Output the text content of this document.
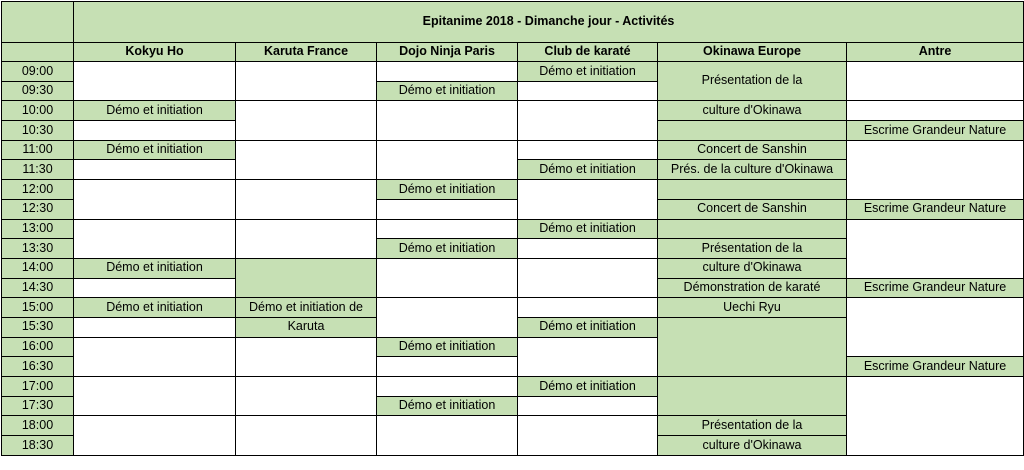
	Epitanime 2018 - Dimanche jour - Activités					
	Kokyu Ho	Karuta France	Dojo Ninja Paris	Club de karaté	Okinawa Europe	Antre
09:00				Démo et initiation	Présentation de la	
09:30			Démo et initiation			
10:00	Démo et initiation				culture d'Okinawa	
10:30						Escrime Grandeur Nature
11:00	Démo et initiation				Concert de Sanshin	
11:30				Démo et initiation	Prés. de la culture d'Okinawa	
12:00			Démo et initiation			
12:30					Concert de Sanshin	Escrime Grandeur Nature
13:00				Démo et initiation		
13:30			Démo et initiation		Présentation de la	
14:00	Démo et initiation				culture d'Okinawa	
14:30					Démonstration de karaté	Escrime Grandeur Nature
15:00	Démo et initiation	Démo et initiation de			Uechi Ryu	
15:30		Karuta		Démo et initiation		
16:00			Démo et initiation			
16:30						Escrime Grandeur Nature
17:00				Démo et initiation		
17:30			Démo et initiation			
18:00					Présentation de la	
18:30					culture d'Okinawa	
